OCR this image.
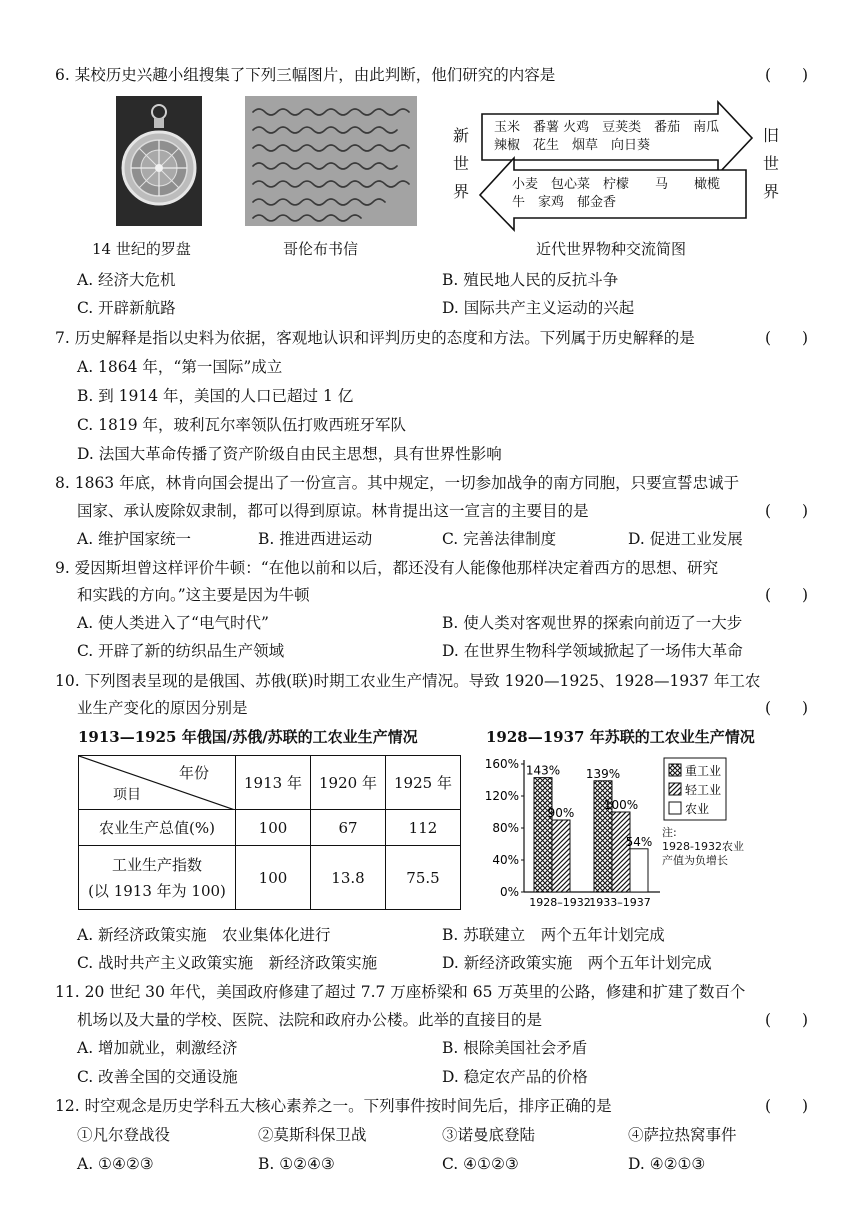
6. 某校历史兴趣小组搜集了下列三幅图片，由此判断，他们研究的内容是	(　　)
新
世
界
旧
世
界
玉米　番薯 火鸡　豆荚类　番茄　南瓜
辣椒　花生　烟草　向日葵
小麦　包心菜　柠檬　　马　　橄榄
牛　家鸡　郁金香
14 世纪的罗盘	哥伦布书信	近代世界物种交流简图
A. 经济大危机	B. 殖民地人民的反抗斗争
C. 开辟新航路	D. 国际共产主义运动的兴起
7. 历史解释是指以史料为依据，客观地认识和评判历史的态度和方法。下列属于历史解释的是	(　　)
A. 1864 年，“第一国际”成立
B. 到 1914 年，美国的人口已超过 1 亿
C. 1819 年，玻利瓦尔率领队伍打败西班牙军队
D. 法国大革命传播了资产阶级自由民主思想，具有世界性影响
8. 1863 年底，林肯向国会提出了一份宣言。其中规定，一切参加战争的南方同胞，只要宣誓忠诚于
国家、承认废除奴隶制，都可以得到原谅。林肯提出这一宣言的主要目的是	(　　)
A. 维护国家统一	B. 推进西进运动	C. 完善法律制度	D. 促进工业发展
9. 爱因斯坦曾这样评价牛顿：“在他以前和以后，都还没有人能像他那样决定着西方的思想、研究
和实践的方向。”这主要是因为牛顿	(　　)
A. 使人类进入了“电气时代”	B. 使人类对客观世界的探索向前迈了一大步
C. 开辟了新的纺织品生产领域	D. 在世界生物科学领域掀起了一场伟大革命
10. 下列图表呈现的是俄国、苏俄(联)时期工农业生产情况。导致 1920—1925、1928—1937 年工农
业生产变化的原因分别是	(　　)
1913—1925 年俄国/苏俄/苏联的工农业生产情况
年份
项目	1913 年	1920 年	1925 年
农业生产总值(%)	100	67	112

工业生产指数
(以 1913 年为 100)	100	13.8	75.5
1928—1937 年苏联的工农业生产情况
0%
40%
80%
120%
160% 143%
90%
1928–1932
139%
100%
54%
1933–1937
重工业
轻工业
农业
注:
1928-1932农业
产值为负增长
A. 新经济政策实施　农业集体化进行	B. 苏联建立　两个五年计划完成
C. 战时共产主义政策实施　新经济政策实施	D. 新经济政策实施　两个五年计划完成
11. 20 世纪 30 年代，美国政府修建了超过 7.7 万座桥梁和 65 万英里的公路，修建和扩建了数百个
机场以及大量的学校、医院、法院和政府办公楼。此举的直接目的是	(　　)
A. 增加就业，刺激经济	B. 根除美国社会矛盾
C. 改善全国的交通设施	D. 稳定农产品的价格
12. 时空观念是历史学科五大核心素养之一。下列事件按时间先后，排序正确的是	(　　)
①凡尔登战役	②莫斯科保卫战	③诺曼底登陆	④萨拉热窝事件
A. ①④②③	B. ①②④③	C. ④①②③	D. ④②①③
